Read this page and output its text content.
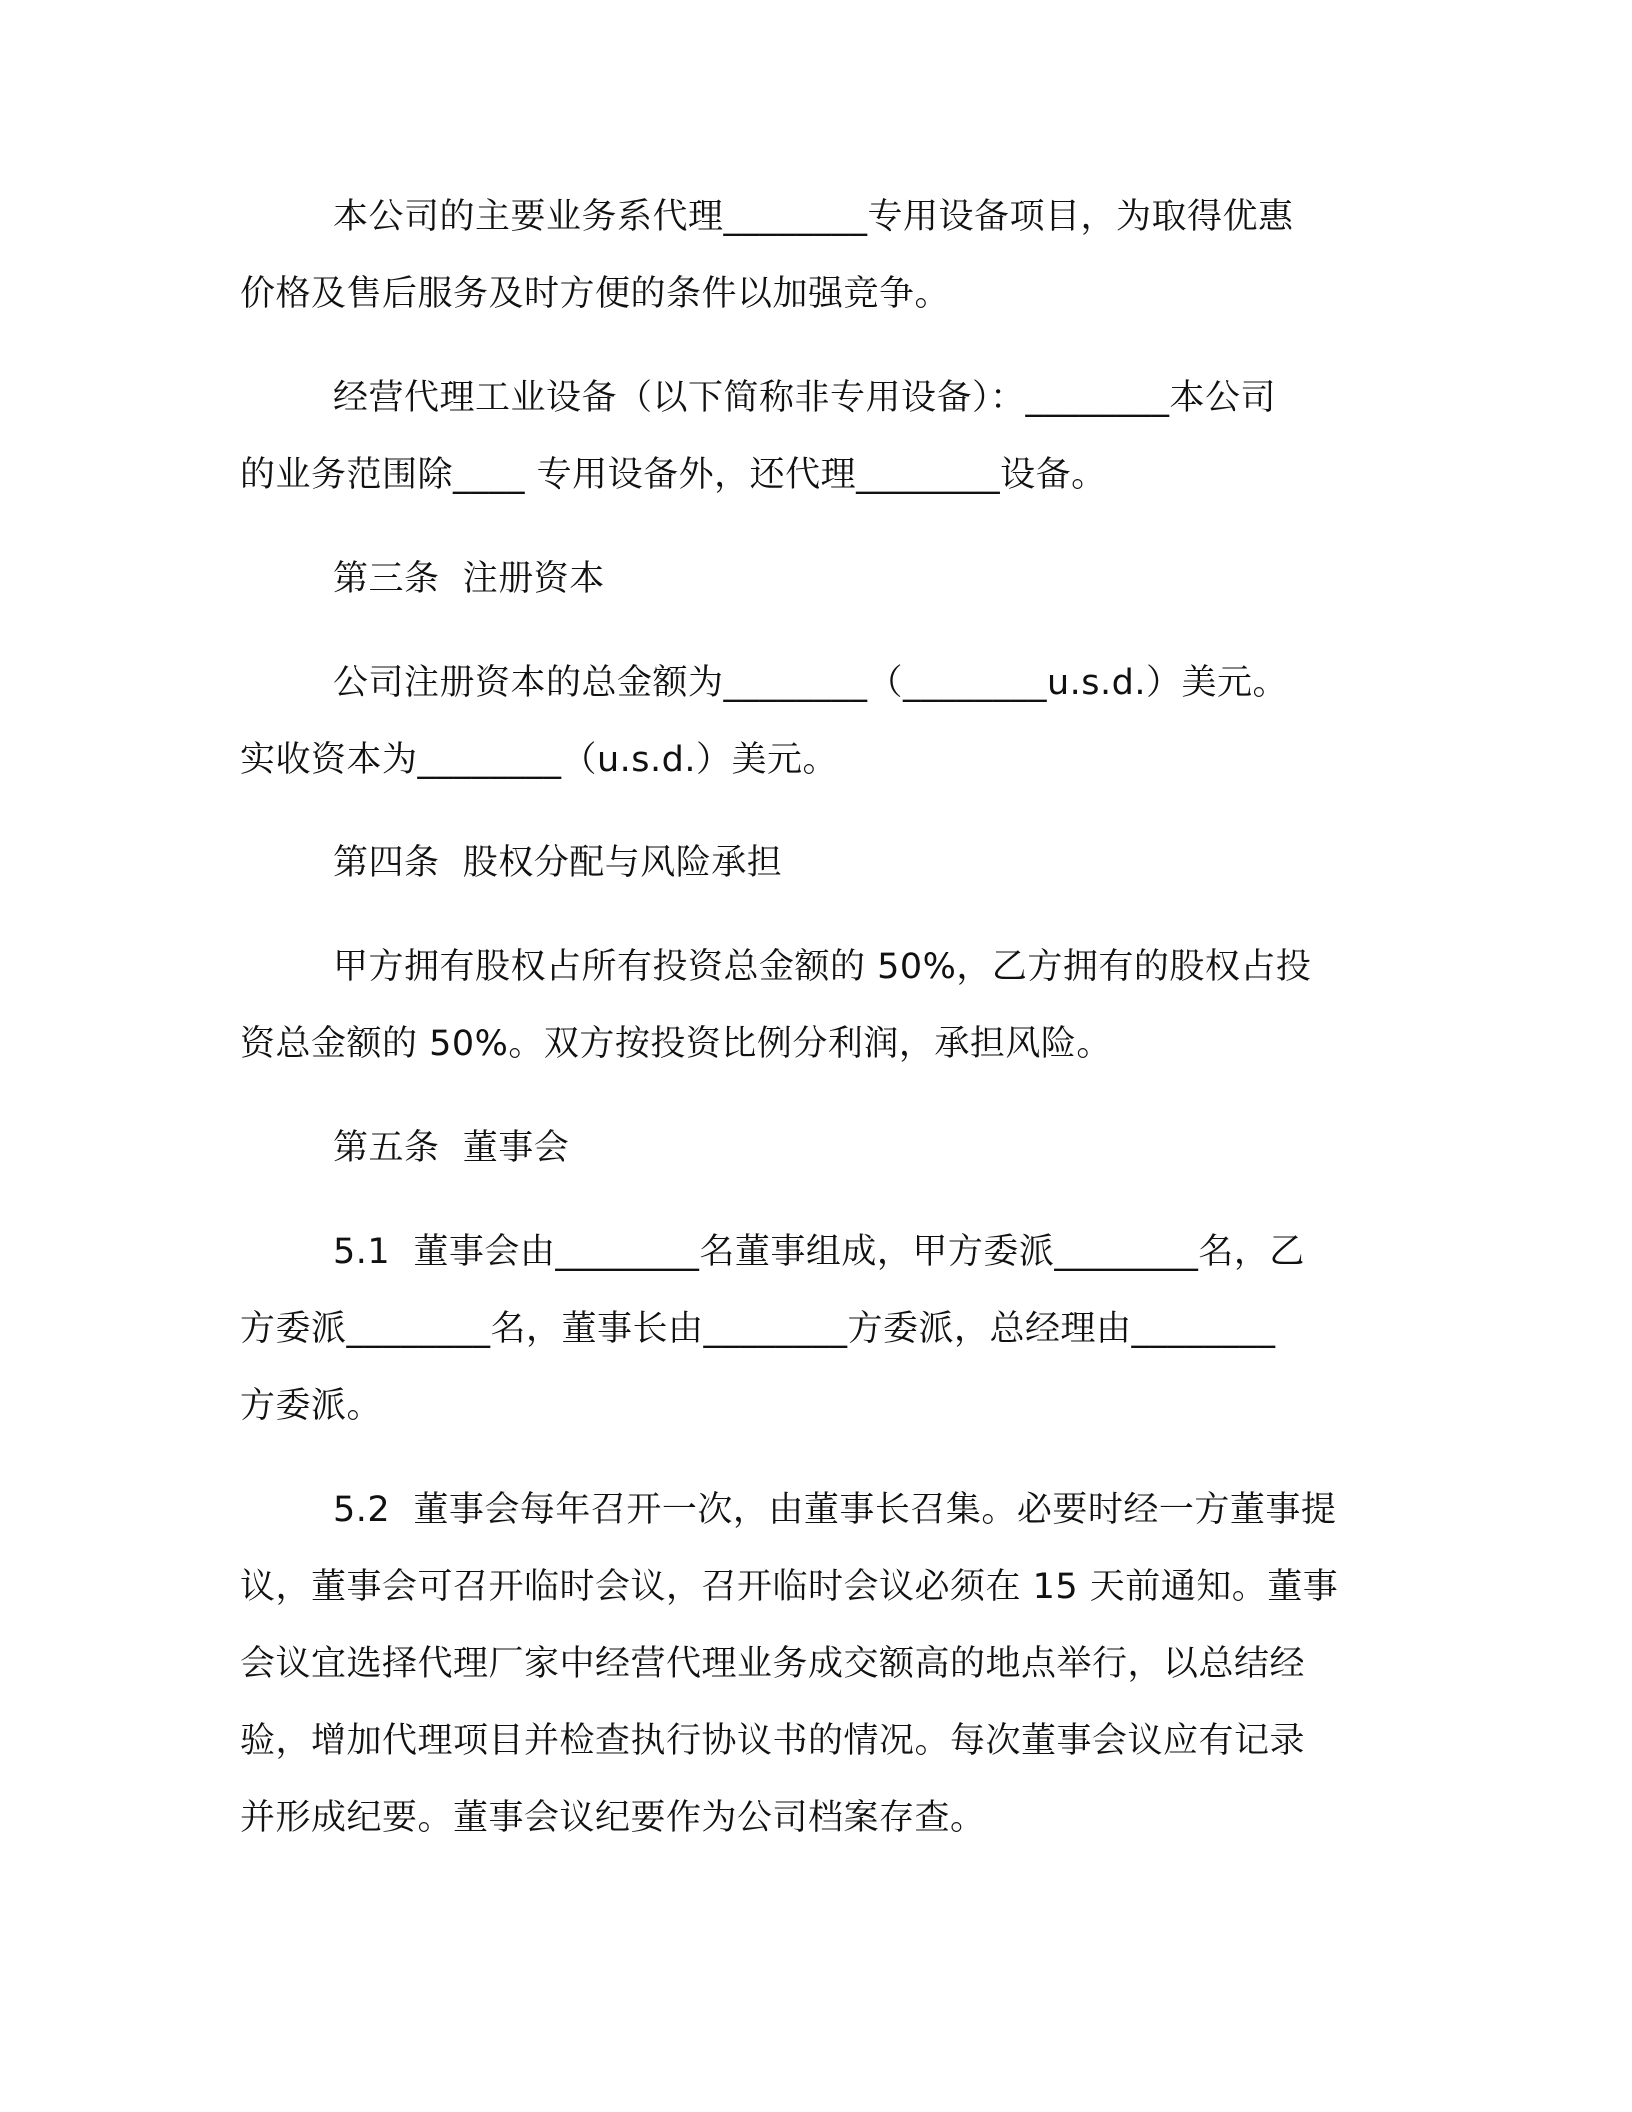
本公司的主要业务系代理________专用设备项目，为取得优惠
价格及售后服务及时方便的条件以加强竞争。
经营代理工业设备（以下简称非专用设备）：________本公司
的业务范围除____ 专用设备外，还代理________设备。
第三条  注册资本
公司注册资本的总金额为________（________u.s.d.）美元。
实收资本为________（u.s.d.）美元。
第四条  股权分配与风险承担
甲方拥有股权占所有投资总金额的 50%，乙方拥有的股权占投
资总金额的 50%。双方按投资比例分利润，承担风险。
第五条  董事会
5.1  董事会由________名董事组成，甲方委派________名，乙
方委派________名，董事长由________方委派，总经理由________
方委派。
5.2  董事会每年召开一次，由董事长召集。必要时经一方董事提
议，董事会可召开临时会议，召开临时会议必须在 15 天前通知。董事
会议宜选择代理厂家中经营代理业务成交额高的地点举行，以总结经
验，增加代理项目并检查执行协议书的情况。每次董事会议应有记录
并形成纪要。董事会议纪要作为公司档案存查。
